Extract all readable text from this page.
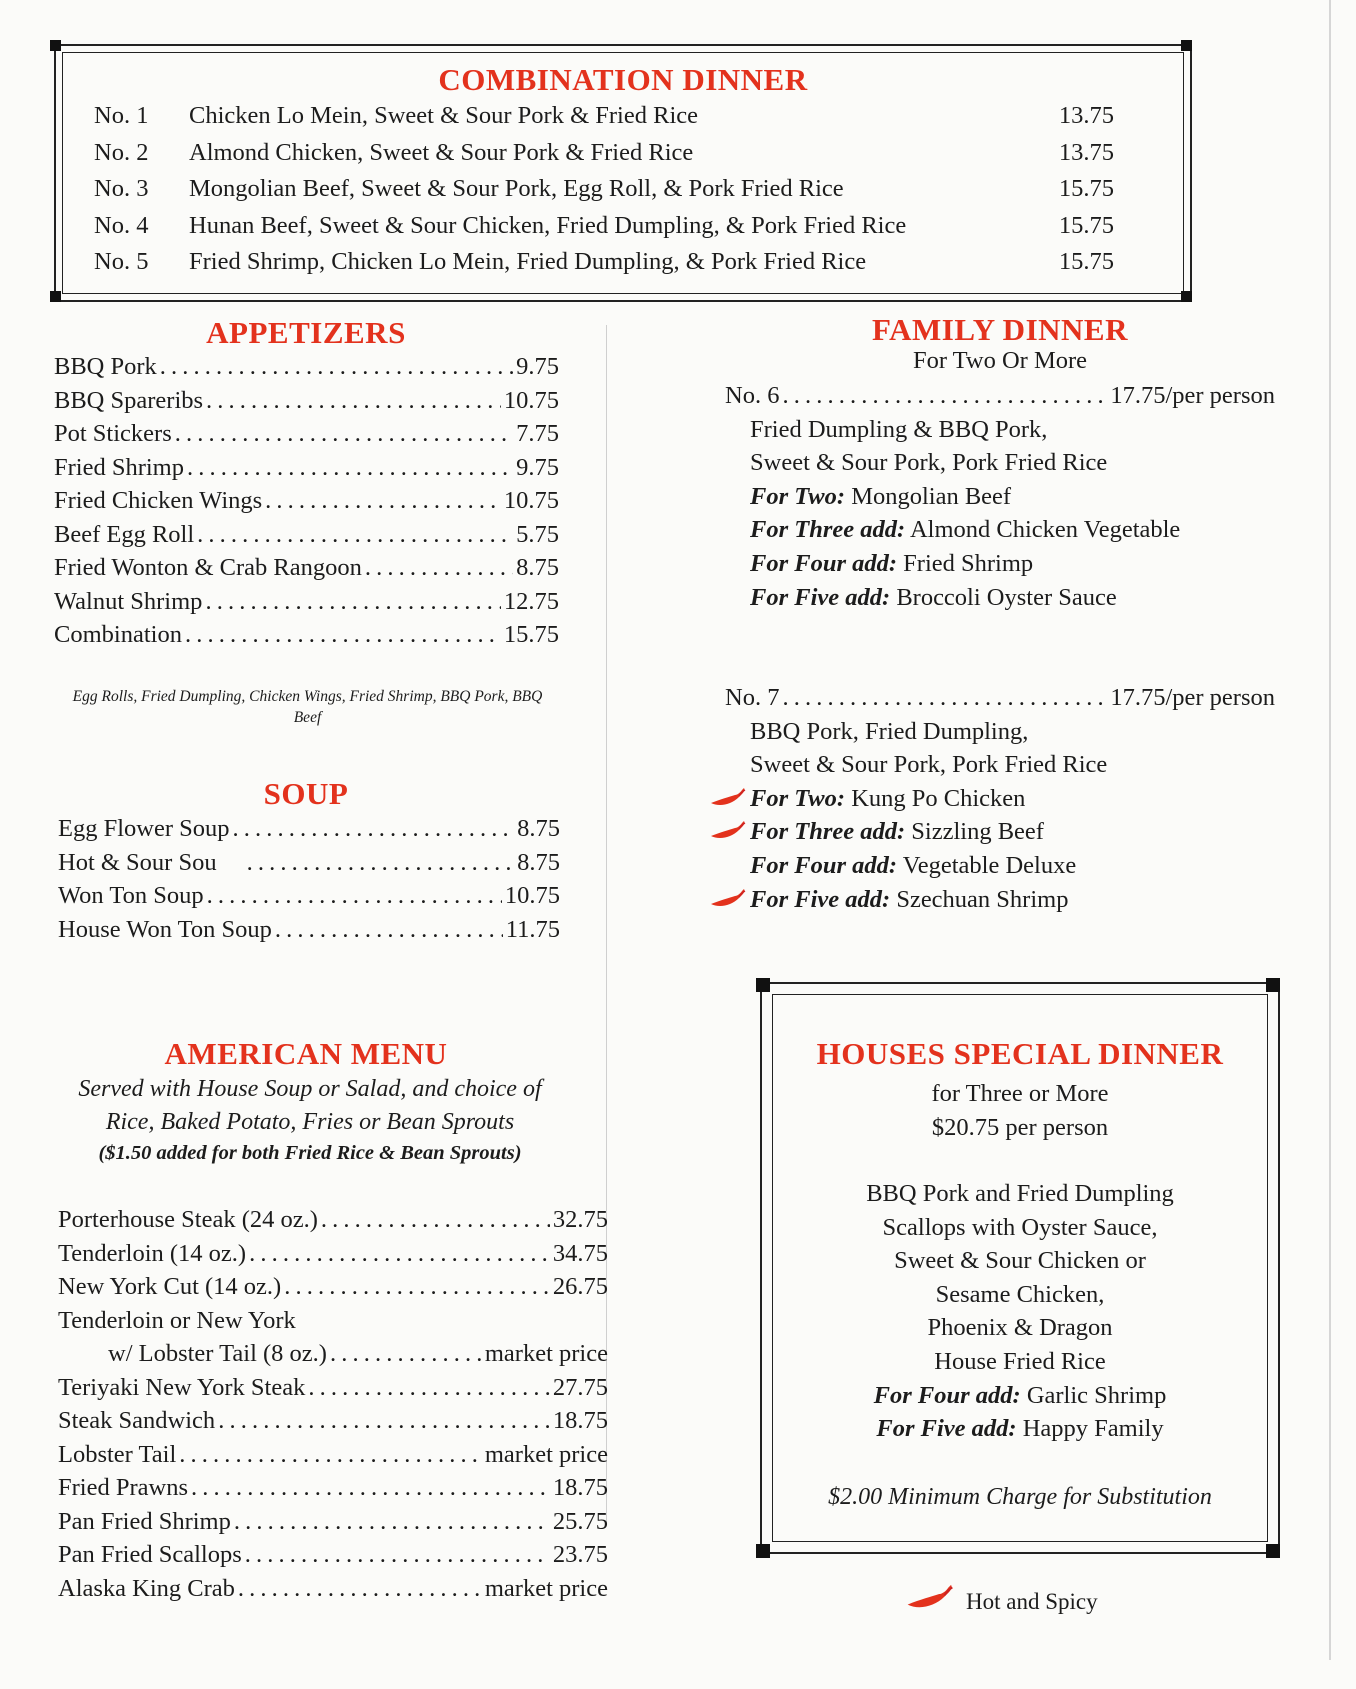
COMBINATION DINNER
No. 1	Chicken Lo Mein, Sweet & Sour Pork & Fried Rice	13.75
No. 2	Almond Chicken, Sweet & Sour Pork & Fried Rice	13.75
No. 3	Mongolian Beef, Sweet & Sour Pork, Egg Roll, & Pork Fried Rice	15.75
No. 4	Hunan Beef, Sweet & Sour Chicken, Fried Dumpling, & Pork Fried Rice	15.75
No. 5	Fried Shrimp, Chicken Lo Mein, Fried Dumpling, & Pork Fried Rice	15.75
APPETIZERS
BBQ Pork . . .	9.75
BBQ Spareribs . . .	10.75
Pot Stickers . . .	7.75
Fried Shrimp . . .	9.75
Fried Chicken Wings . . .	10.75
Beef Egg Roll . . .	5.75
Fried Wonton & Crab Rangoon . . .	8.75
Walnut Shrimp . . .	12.75
Combination . . .	15.75
Egg Rolls, Fried Dumpling, Chicken Wings, Fried Shrimp, BBQ Pork, BBQ Beef
SOUP
Egg Flower Soup . . .	8.75
Hot & Sour Sou . . .	8.75
Won Ton Soup . . .	10.75
House Won Ton Soup . . .	11.75
AMERICAN MENU
Served with House Soup or Salad, and choice of
Rice, Baked Potato, Fries or Bean Sprouts
($1.50 added for both Fried Rice & Bean Sprouts)
Porterhouse Steak (24 oz.) . . .	32.75
Tenderloin (14 oz.) . . .	34.75
New York Cut (14 oz.) . . .	26.75
Tenderloin or New York
w/ Lobster Tail (8 oz.) . . .	market price
Teriyaki New York Steak . . .	27.75
Steak Sandwich . . .	18.75
Lobster Tail . . .	market price
Fried Prawns . . .	18.75
Pan Fried Shrimp . . .	25.75
Pan Fried Scallops . . .	23.75
Alaska King Crab . . .	market price
FAMILY DINNER
For Two Or More
No. 6 . . .	17.75/per person
Fried Dumpling & BBQ Pork,
Sweet & Sour Pork, Pork Fried Rice
For Two: Mongolian Beef
For Three add: Almond Chicken Vegetable
For Four add: Fried Shrimp
For Five add: Broccoli Oyster Sauce
No. 7 . . .	17.75/per person
BBQ Pork, Fried Dumpling,
Sweet & Sour Pork, Pork Fried Rice
For Two: Kung Po Chicken
For Three add: Sizzling Beef
For Four add: Vegetable Deluxe
For Five add: Szechuan Shrimp
HOUSES SPECIAL DINNER
for Three or More
$20.75 per person
BBQ Pork and Fried Dumpling
Scallops with Oyster Sauce,
Sweet & Sour Chicken or
Sesame Chicken,
Phoenix & Dragon
House Fried Rice
For Four add: Garlic Shrimp
For Five add: Happy Family
$2.00 Minimum Charge for Substitution
Hot and Spicy
